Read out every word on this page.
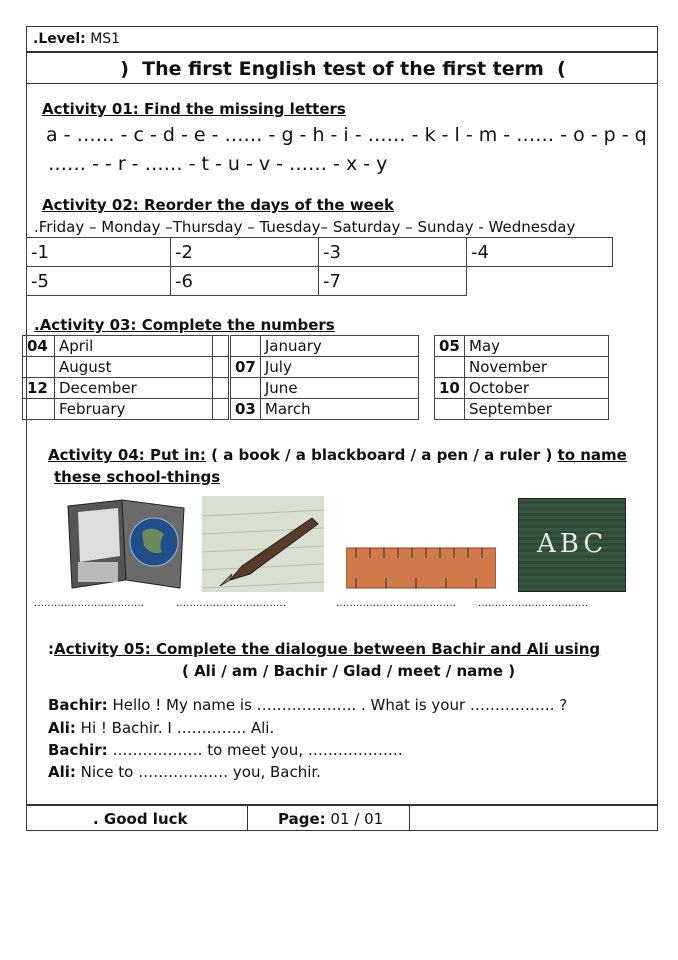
.Level: MS1
) The first English test of the first term (
Activity 01: Find the missing letters
a - …… - c - d - e - …… - g - h - i - …… - k - l - m - …… - o - p - q
…… - - r - …… - t - u - v - …… - x - y
Activity 02: Reorder the days of the week
.Friday – Monday –Thursday – Tuesday– Saturday – Sunday - Wednesday
1-	2-	3-	4-
5-	6-	7-	
.Activity 03: Complete the numbers
04	April	
	August	
12	December	
	February	
	January
07	July
	June
03	March
05	May
	November
10	October
	September
Activity 04: Put in: ( a book / a blackboard / a pen / a ruler ) to name
these school-things
ABC
……………………………	……………………………	……………………………… ……………………………
:Activity 05: Complete the dialogue between Bachir and Ali using
( Ali / am / Bachir / Glad / meet / name )
Bachir: Hello ! My name is ……………….. . What is your …………….. ?
Ali: Hi ! Bachir. I ………….. Ali.
Bachir: ……………… to meet you, ……………….
Ali: Nice to ……………… you, Bachir.
. Good luck	Page: 01 / 01
